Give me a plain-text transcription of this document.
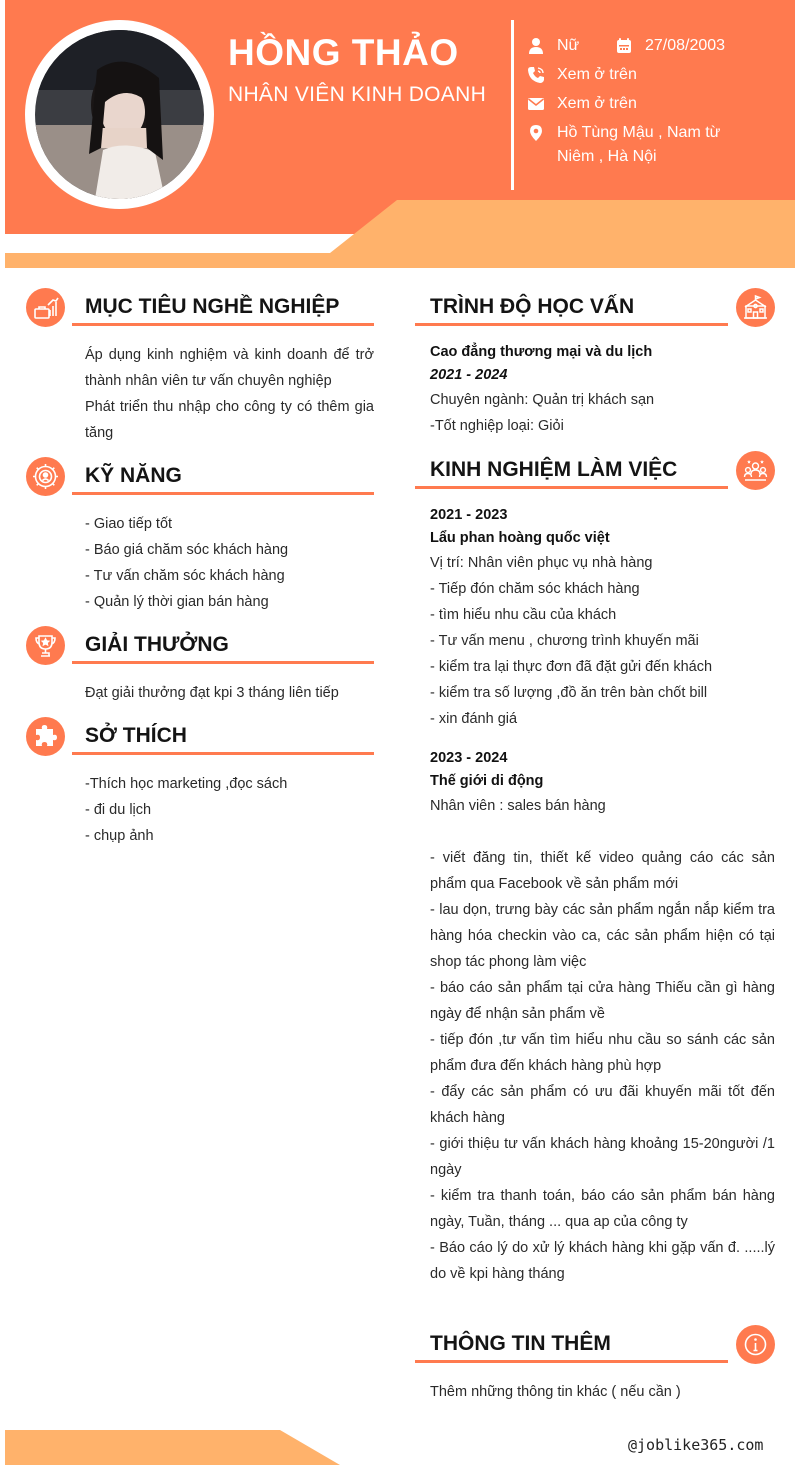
HỒNG THẢO
NHÂN VIÊN KINH DOANH
Nữ	27/08/2003
Xem ở trên
Xem ở trên
Hồ Tùng Mậu , Nam từ
Niêm , Hà Nội
MỤC TIÊU NGHỀ NGHIỆP
Áp dụng kinh nghiệm và kinh doanh để trở thành nhân viên tư vấn chuyên nghiệp
Phát triển thu nhập cho công ty có thêm gia tăng
KỸ NĂNG
- Giao tiếp tốt
- Báo giá chăm sóc khách hàng
- Tư vấn chăm sóc khách hàng
- Quản lý thời gian bán hàng
GIẢI THƯỞNG
Đạt giải thưởng đạt kpi 3 tháng liên tiếp
SỞ THÍCH
-Thích học marketing ,đọc sách
- đi du lịch
- chụp ảnh
TRÌNH ĐỘ HỌC VẤN
Cao đẳng thương mại và du lịch
2021 - 2024
Chuyên ngành: Quản trị khách sạn
-Tốt nghiệp loại: Giỏi
KINH NGHIỆM LÀM VIỆC
2021 - 2023
Lẩu phan hoàng quốc việt
Vị trí: Nhân viên phục vụ nhà hàng
- Tiếp đón chăm sóc khách hàng
- tìm hiểu nhu cầu của khách
- Tư vấn menu , chương trình khuyến mãi
- kiểm tra lại thực đơn đã đặt gửi đến khách
- kiểm tra số lượng ,đồ ăn trên bàn chốt bill
- xin đánh giá
2023 - 2024
Thế giới di động
Nhân viên : sales bán hàng
- viết đăng tin, thiết kế video quảng cáo các sản phẩm qua Facebook về sản phẩm mới
- lau dọn, trưng bày các sản phẩm ngắn nắp kiểm tra hàng hóa checkin vào ca, các sản phẩm hiện có tại shop tác phong làm việc
- báo cáo sản phẩm tại cửa hàng Thiếu cần gì hàng ngày để nhận sản phẩm về
- tiếp đón ,tư vấn tìm hiểu nhu cầu so sánh các sản phẩm đưa đến khách hàng phù hợp
- đẩy các sản phẩm có ưu đãi khuyến mãi tốt đến khách hàng
- giới thiệu tư vấn khách hàng khoảng 15-20người /1 ngày
- kiểm tra thanh toán, báo cáo sản phẩm bán hàng ngày, Tuần, tháng ... qua ap của công ty
- Báo cáo lý do xử lý khách hàng khi gặp vấn đ. .....lý do về kpi hàng tháng
THÔNG TIN THÊM
Thêm những thông tin khác ( nếu cần )
@joblike365.com
